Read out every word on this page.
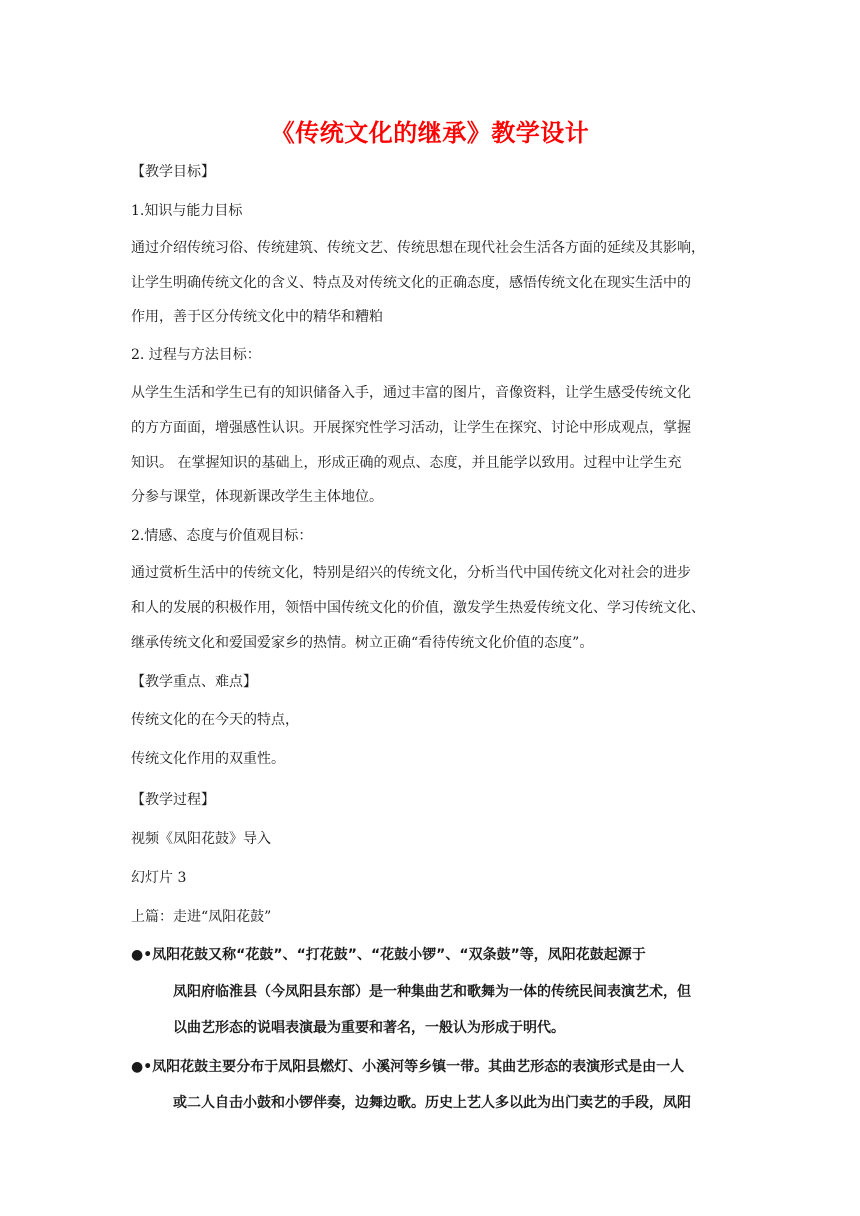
《传统文化的继承》教学设计
【教学目标】
1.知识与能力目标
通过介绍传统习俗、传统建筑、传统文艺、传统思想在现代社会生活各方面的延续及其影响，
让学生明确传统文化的含义、特点及对传统文化的正确态度，感悟传统文化在现实生活中的
作用，善于区分传统文化中的精华和糟粕
2. 过程与方法目标：
从学生生活和学生已有的知识储备入手，通过丰富的图片，音像资料，让学生感受传统文化
的方方面面，增强感性认识。开展探究性学习活动，让学生在探究、讨论中形成观点，掌握
知识。 在掌握知识的基础上，形成正确的观点、态度，并且能学以致用。过程中让学生充
分参与课堂，体现新课改学生主体地位。
2.情感、态度与价值观目标：
通过赏析生活中的传统文化，特别是绍兴的传统文化，分析当代中国传统文化对社会的进步
和人的发展的积极作用，领悟中国传统文化的价值，激发学生热爱传统文化、学习传统文化、
继承传统文化和爱国爱家乡的热情。树立正确“看待传统文化价值的态度”。
【教学重点、难点】
传统文化的在今天的特点，
传统文化作用的双重性。
【教学过程】
视频《凤阳花鼓》导入
幻灯片 3
上篇：走进“凤阳花鼓”
●•凤阳花鼓又称“花鼓”、“打花鼓”、“花鼓小锣”、“双条鼓”等，凤阳花鼓起源于
凤阳府临淮县（今凤阳县东部）是一种集曲艺和歌舞为一体的传统民间表演艺术，但
以曲艺形态的说唱表演最为重要和著名，一般认为形成于明代。
●•凤阳花鼓主要分布于凤阳县燃灯、小溪河等乡镇一带。其曲艺形态的表演形式是由一人
或二人自击小鼓和小锣伴奏，边舞边歌。历史上艺人多以此为出门卖艺的手段，凤阳
